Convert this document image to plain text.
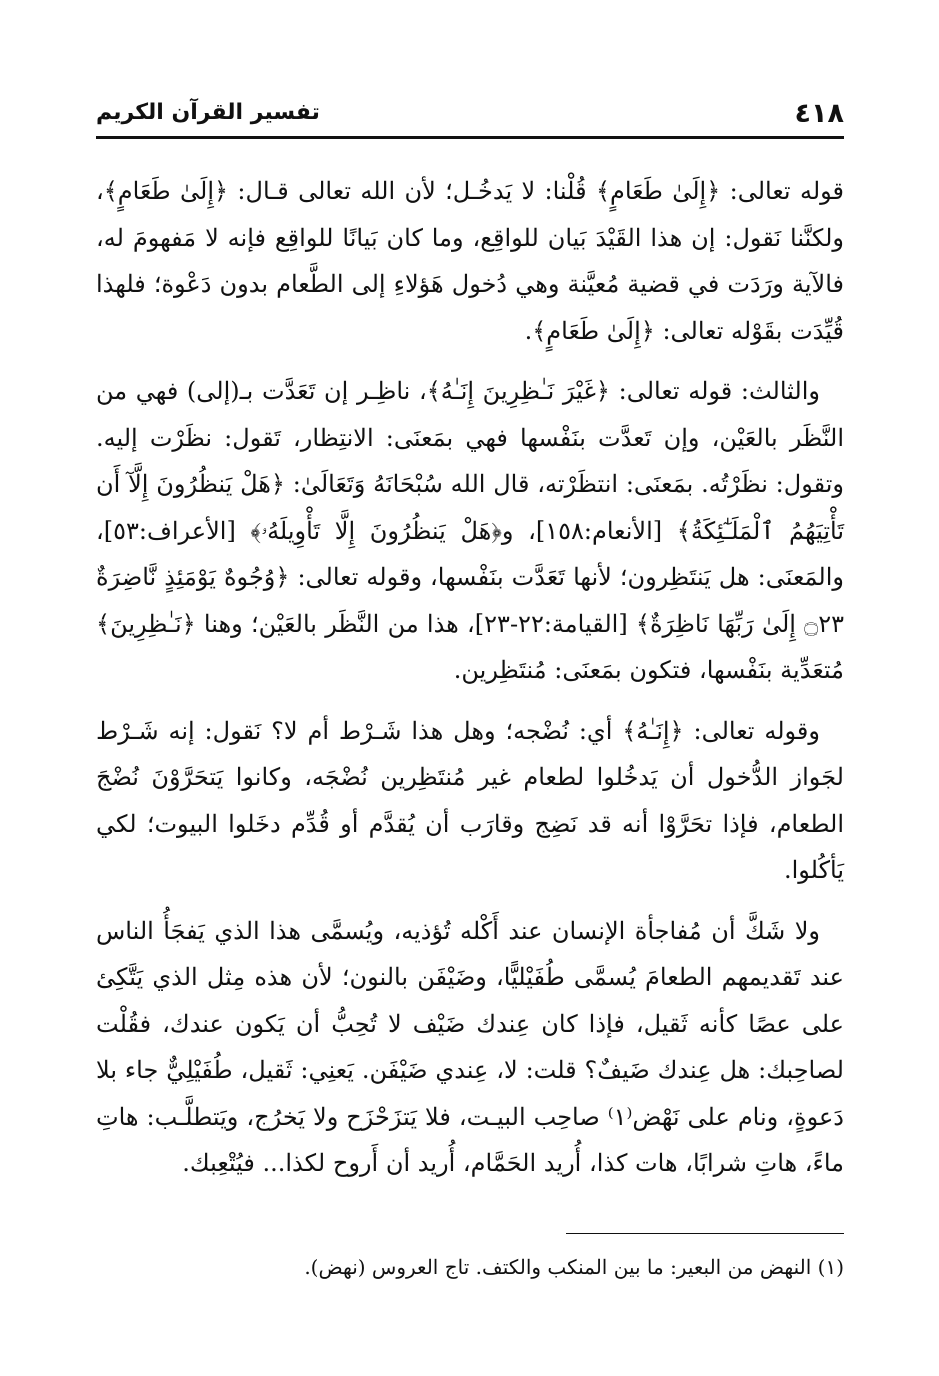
٤١٨
تفسير القرآن الكريم

قوله تعالى: ﴿إِلَىٰ طَعَامٍ﴾ قُلْنا: لا يَدخُـل؛ لأن الله تعالى قـال: ﴿إِلَىٰ طَعَامٍ﴾، ولكنَّنا نَقول: إن هذا القَيْدَ بَيان للواقِع، وما كان بَيانًا للواقِع فإنه لا مَفهومَ له، فالآية ورَدَت في قضية مُعيَّنة وهي دُخول هَؤلاءِ إلى الطَّعام بدون دَعْوة؛ فلهذا قُيِّدَت بقَوْله تعالى: ﴿إِلَىٰ طَعَامٍ﴾.

والثالث: قوله تعالى: ﴿غَيْرَ نَـٰظِرِينَ إِنَـٰهُ﴾، ناظِـر إن تَعَدَّت بـ(إلى) فهي من النَّظَر بالعَيْن، وإن تَعدَّت بنَفْسها فهي بمَعنَى: الانتِظار، تَقول: نظَرْت إليه. وتقول: نظَرْتُه. بمَعنَى: انتظَرْته، قال الله سُبْحَانَهُ وَتَعَالَىٰ: ﴿هَلْ يَنظُرُونَ إِلَّآ أَن تَأْتِيَهُمُ ٱلْمَلَـٰٓئِكَةُ﴾ [الأنعام:١٥٨]، و﴿هَلْ يَنظُرُونَ إِلَّا تَأْوِيلَهُۥ﴾ [الأعراف:٥٣]، والمَعنَى: هل يَنتَظِرون؛ لأنها تَعَدَّت بنَفْسها، وقوله تعالى: ﴿وُجُوهٌ يَوْمَئِذٍ نَّاضِرَةٌ ۝٢٣ إِلَىٰ رَبِّهَا نَاظِرَةٌ﴾ [القيامة:٢٢-٢٣]، هذا من النَّظَر بالعَيْن؛ وهنا ﴿نَـٰظِرِينَ﴾ مُتعَدِّية بنَفْسها، فتكون بمَعنَى: مُنتَظِرين.

وقوله تعالى: ﴿إِنَـٰهُ﴾ أي: نُضْجه؛ وهل هذا شَـرْط أم لا؟ نَقول: إنه شَـرْط لجَواز الدُّخول أن يَدخُلوا لطعام غير مُنتَظِرين نُضْجَه، وكانوا يَتحَرَّوْنَ نُضْجَ الطعام، فإذا تحَرَّوْا أنه قد نَضِج وقارَب أن يُقدَّم أو قُدِّم دخَلوا البيوت؛ لكي يَأكُلوا.

ولا شَكَّ أن مُفاجأة الإنسان عند أَكْله تُؤذيه، ويُسمَّى هذا الذي يَفجَأُ الناس عند تَقديمهم الطعامَ يُسمَّى طُفَيْليًّا، وضَيْفَن بالنون؛ لأن هذه مِثل الذي يَتَّكِئ على عصًا كأنه ثَقيل، فإذا كان عِندك ضَيْف لا تُحِبُّ أن يَكون عندك، فقُلْت لصاحِبك: هل عِندك ضَيفٌ؟ قلت: لا، عِندي ضَيْفَن. يَعنِي: ثَقيل، طُفَيْلِيٌّ جاء بلا دَعوةٍ، ونام على نَهْض⁽١⁾ صاحِب البيـت، فلا يَتزَحْزَح ولا يَخرُج، ويَتطلَّـب: هاتِ ماءً، هاتِ شرابًا، هات كذا، أُريد الحَمَّام، أُريد أن أَروح لكذا... فيُتْعِبك.

(١) النهض من البعير: ما بين المنكب والكتف. تاج العروس (نهض).
